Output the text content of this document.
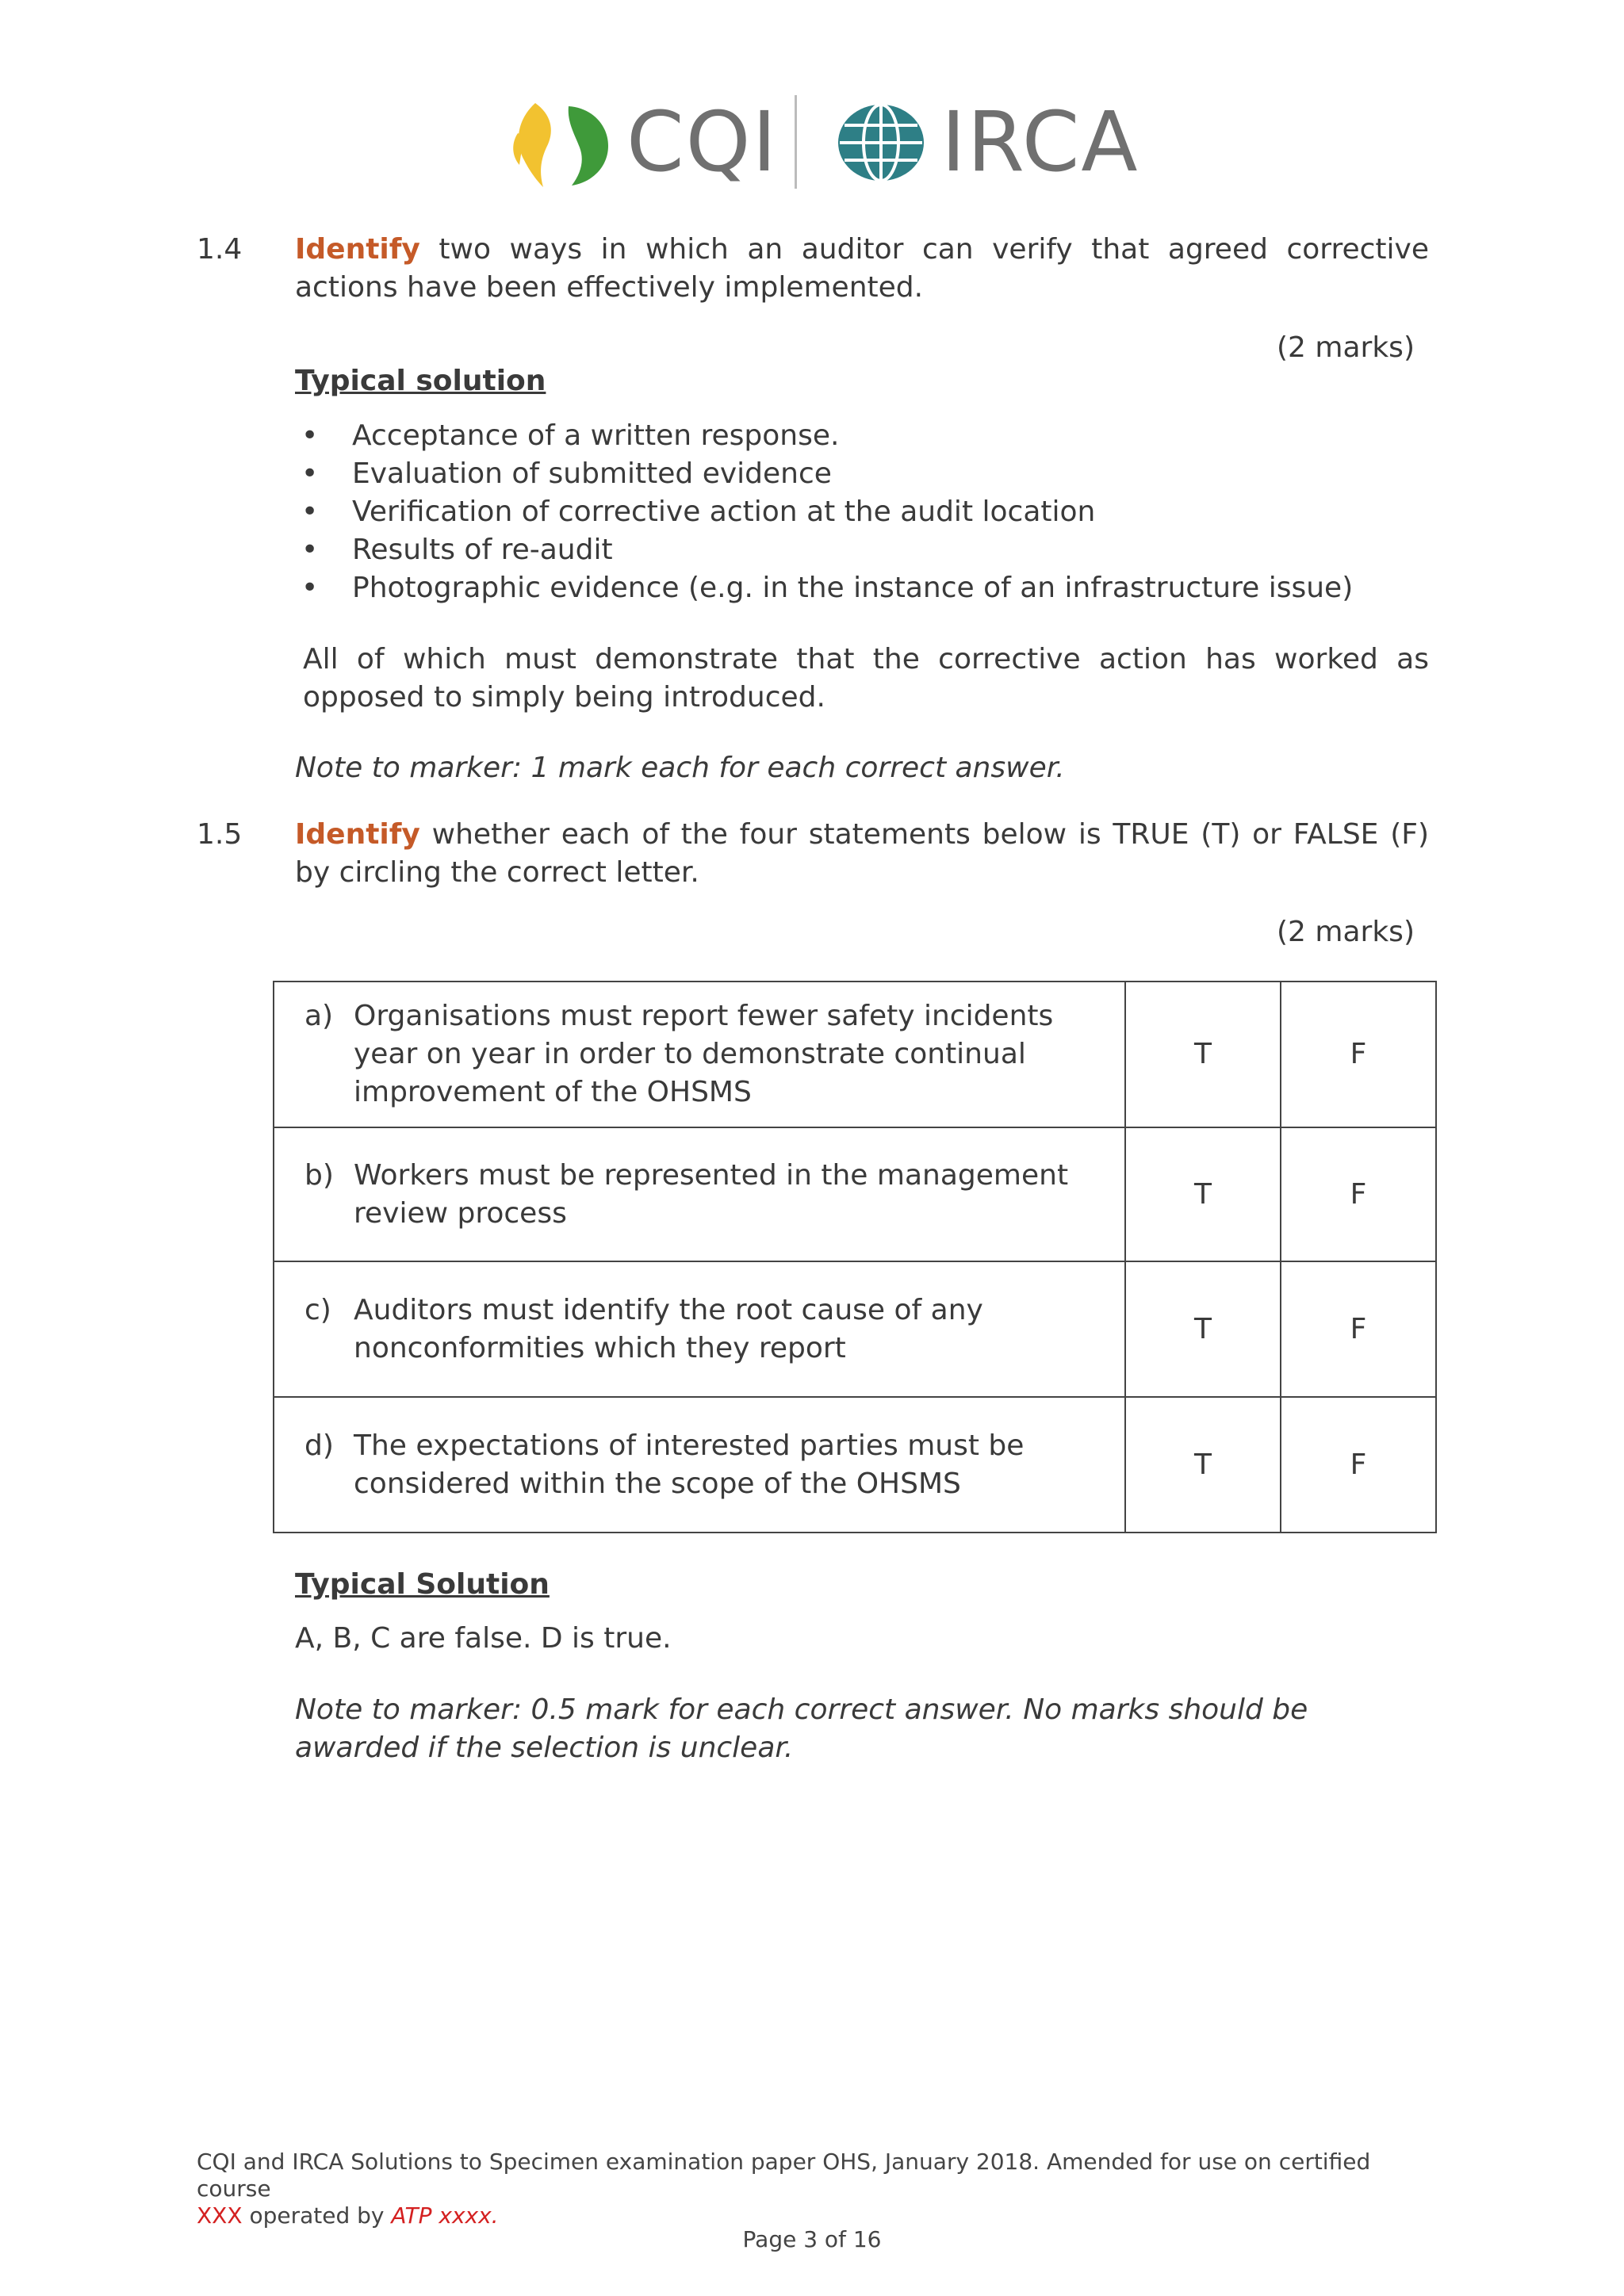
CQI IRCA
1.4 Identify two ways in which an auditor can verify that agreed corrective actions have been effectively implemented.
(2 marks)
Typical solution
• Acceptance of a written response.
• Evaluation of submitted evidence
• Verification of corrective action at the audit location
• Results of re-audit
• Photographic evidence (e.g. in the instance of an infrastructure issue)
All of which must demonstrate that the corrective action has worked as opposed to simply being introduced.
Note to marker: 1 mark each for each correct answer.
1.5 Identify whether each of the four statements below is TRUE (T) or FALSE (F) by circling the correct letter.
(2 marks)
a) Organisations must report fewer safety incidents year on year in order to demonstrate continual improvement of the OHSMS	T	F

b) Workers must be represented in the management review process	T	F

c) Auditors must identify the root cause of any nonconformities which they report	T	F

d) The expectations of interested parties must be considered within the scope of the OHSMS	T	F
Typical Solution
A, B, C are false. D is true.
Note to marker: 0.5 mark for each correct answer. No marks should be awarded if the selection is unclear.
CQI and IRCA Solutions to Specimen examination paper OHS, January 2018. Amended for use on certified course
XXX operated by ATP xxxx.
Page 3 of 16
